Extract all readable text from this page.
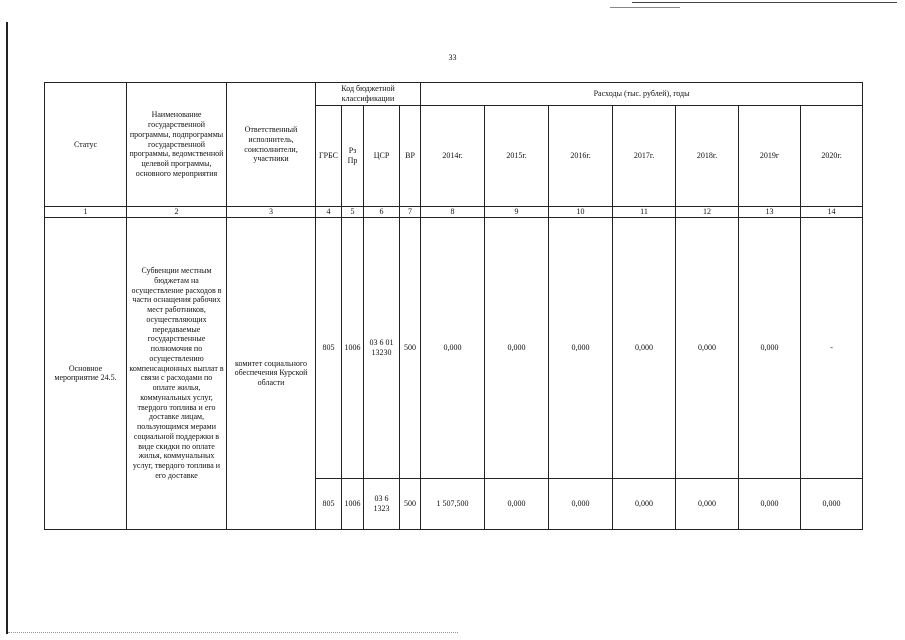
33
Статус	Наименование государственной программы, подпрограммы государственной программы, ведомственной целевой программы, основного мероприятия	Ответственный исполнитель, соисполнители, участники	Код бюджетной классификации				Расходы (тыс. рублей), годы						
			ГРБС	Рз Пр	ЦСР	ВР	2014г.	2015г.	2016г.	2017г.	2018г.	2019г	2020г.
1	2	3	4	5	6	7	8	9	10	11	12	13	14
Основное мероприятие 24.5.	Субвенции местным бюджетам на осуществление расходов в части оснащения рабочих мест работников, осуществляющих передаваемые государственные полномочия по осуществлению компенсационных выплат в связи с расходами по оплате жилья, коммунальных услуг, твердого топлива и его доставке лицам, пользующимся мерами социальной поддержки в виде скидки по оплате жилья, коммунальных услуг, твердого топлива и его доставке	комитет социального обеспечения Курской области	805	1006	03 6 01 13230	500	0,000	0,000	0,000	0,000	0,000	0,000	-
			805	1006	03 6 1323	500	1 507,500	0,000	0,000	0,000	0,000	0,000	0,000
